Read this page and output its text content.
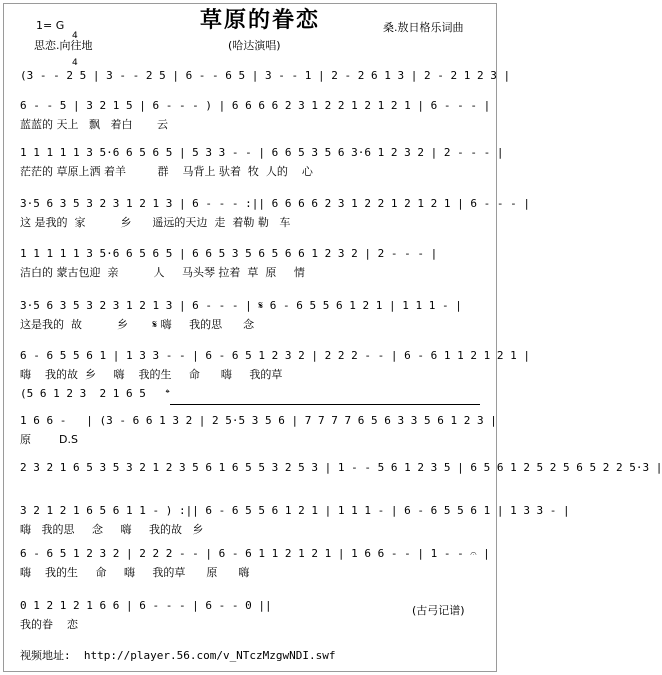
1= G

4

4

思恋.向往地
草原的眷恋
(哈达演唱)
桑.敖日格乐词曲
(3 - - 2 5 | 3 - - 2 5 | 6 - - 6 5 | 3 - - 1 | 2 - 2 6 1 3 | 2 - 2 1 2 3 |
6 - - 5 | 3 2 1 5 | 6 - - - ) | 6 6 6 6 2 3 1 2 2 1 2 1 2 1 | 6 - - - |
蓝蓝的 天上   飘   着白       云
1 1 1 1 1 3 5·6 6 5 6 5 | 5 3 3 - - | 6 6 5 3 5 6 3·6 1 2 3 2 | 2 - - - |
茫茫的 草原上洒 着羊         群    马背上 驮着  牧  人的    心
3·5 6 3 5 3 2 3 1 2 1 3 | 6 - - - :|| 6 6 6 6 2 3 1 2 2 1 2 1 2 1 | 6 - - - |
这 是我的  家          乡      遥远的天边  走  着勒 勒   车
1 1 1 1 1 3 5·6 6 5 6 5 | 6 6 5 3 5 6 5 6 6 1 2 3 2 | 2 - - - |
洁白的 蒙古包迎  亲          人     马头琴 拉着  草  原     情
3·5 6 3 5 3 2 3 1 2 1 3 | 6 - - - | 𝄋 6 - 6 5 5 6 1 2 1 | 1 1 1 - |
这是我的  故          乡       𝄋 嗨     我的思      念
6 - 6 5 5 6 1 | 1 3 3 - - | 6 - 6 5 1 2 3 2 | 2 2 2 - - | 6 - 6 1 1 2 1 2 1 |
嗨    我的故  乡     嗨    我的生     命      嗨     我的草
(5 6 1 2 3  2 1 6 5   𝄌
1 6 6 -   | (3 - 6 6 1 3 2 | 2 5·5 3 5 6 | 7 7 7 7 6 5 6 3 3 5 6 1 2 3 |
原        D.S
2 3 2 1 6 5 3 5 3 2 1 2 3 5 6 1 6 5 5 3 2 5 3 | 1 - - 5 6 1 2 3 5 | 6 5 6 1 2 5 2 5 6 5 2 2 5·3 |
3 2 1 2 1 6 5 6 1 1 - ) :|| 6 - 6 5 5 6 1 2 1 | 1 1 1 - | 6 - 6 5 5 6 1 | 1 3 3 - |
嗨   我的思     念     嗨     我的故   乡
6 - 6 5 1 2 3 2 | 2 2 2 - - | 6 - 6 1 1 2 1 2 1 | 1 6 6 - - | 1 - - 𝄐 |
嗨    我的生     命     嗨     我的草      原      嗨
0 1 2 1 2 1 6 6 | 6 - - - | 6 - - 0 ||
我的眷    恋
(古弓记谱)
视频地址:  http://player.56.com/v_NTczMzgwNDI.swf
